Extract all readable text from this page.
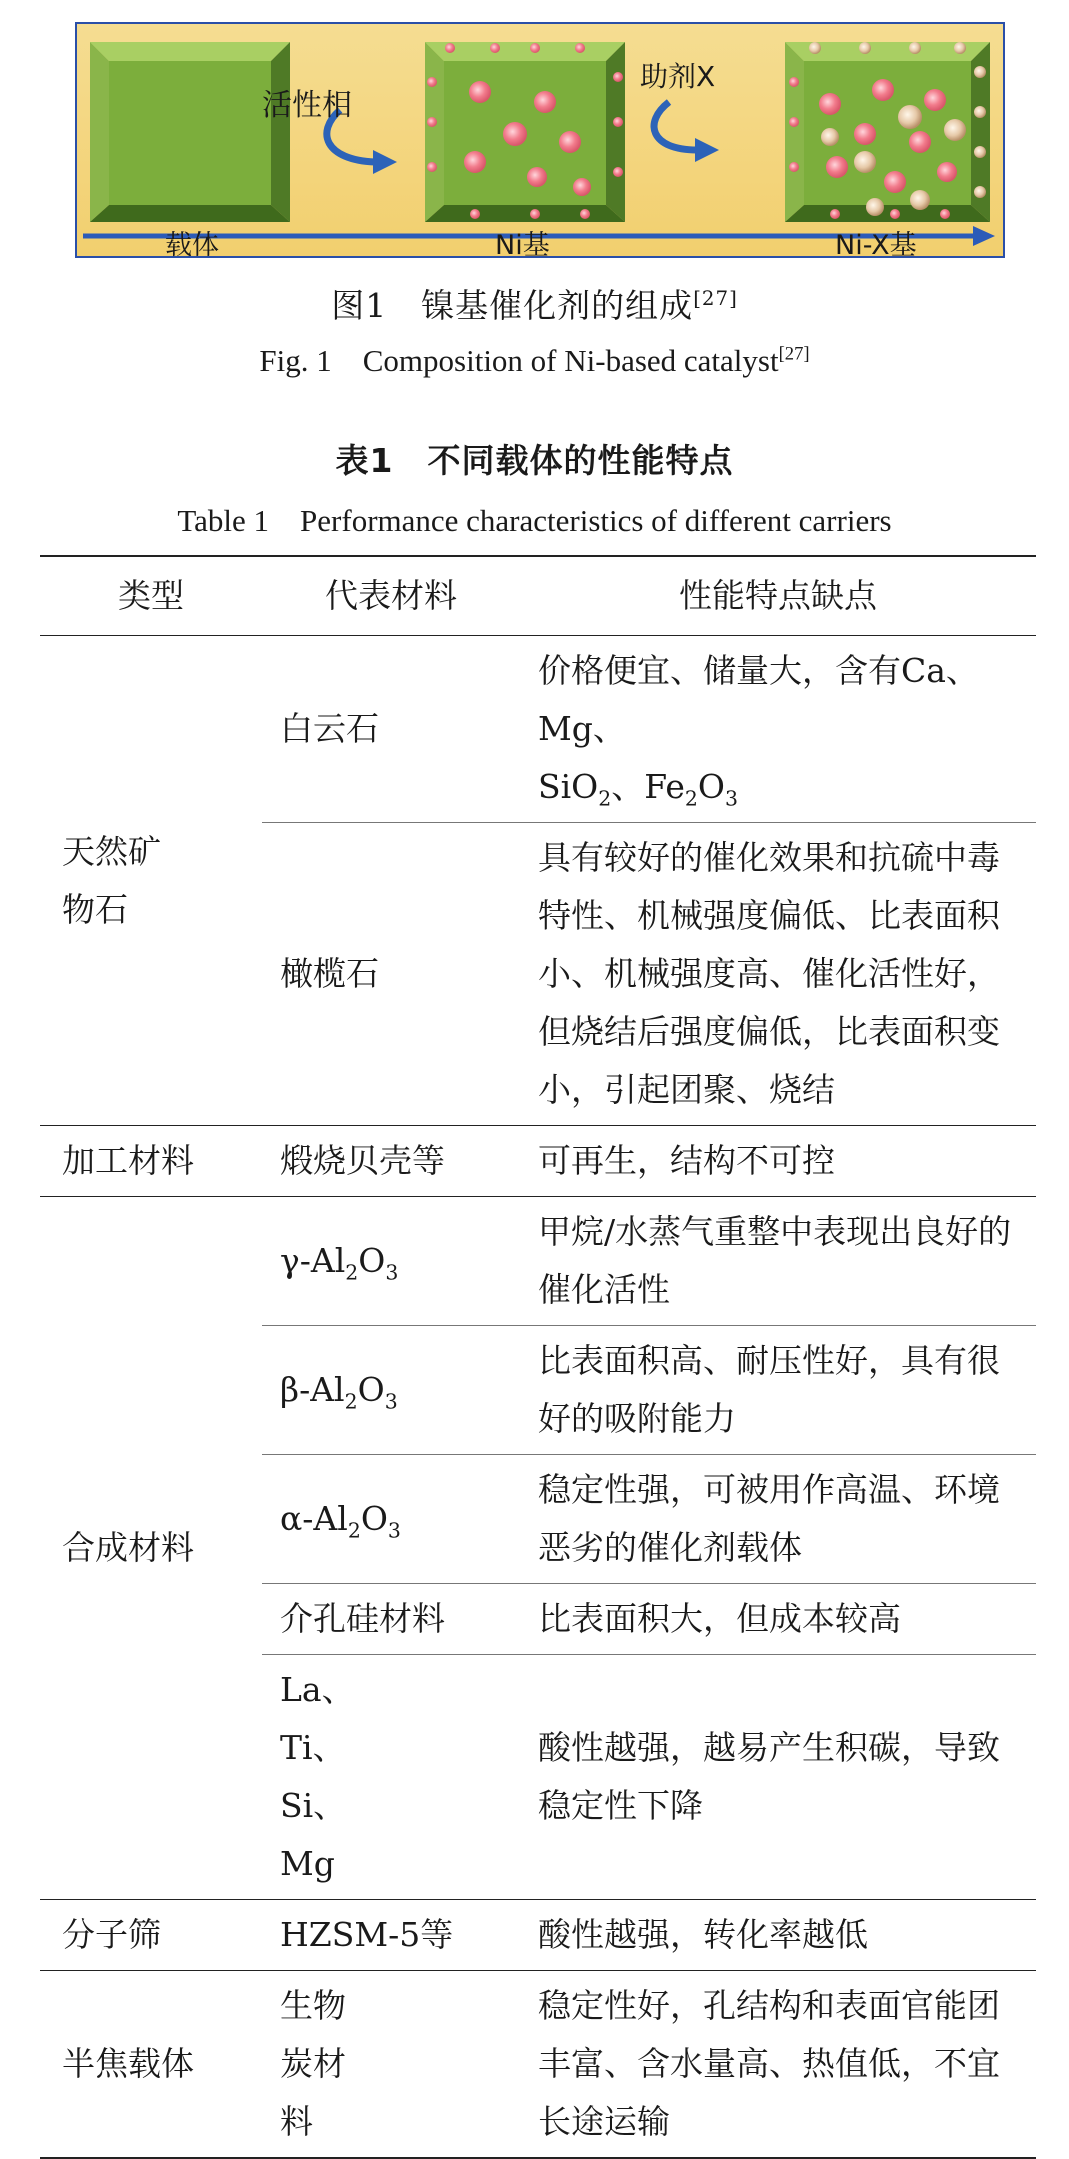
活性相
助剂X
载体	Ni基	Ni-X基
图1　镍基催化剂的组成[27]
Fig. 1　Composition of Ni-based catalyst[27]
表1　不同载体的性能特点
Table 1　Performance characteristics of different carriers
类型	代表材料	性能特点缺点
天然矿物石	白云石	价格便宜、储量大，含有Ca、Mg、
SiO$_2$、$Fe_2O_3$
	橄榄石	具有较好的催化效果和抗硫中毒特性、机械强度偏低、比表面积小、机械强度高、催化活性好，但烧结后强度偏低，比表面积变小，引起团聚、烧结
加工材料	煅烧贝壳等	可再生，结构不可控
合成材料	$\gamma-Al_2O_3$	甲烷/水蒸气重整中表现出良好的催化活性
	$\beta-Al_2O_3$	比表面积高、耐压性好，具有很好的吸附能力
	$\alpha-Al_2O_3$	稳定性强，可被用作高温、环境恶劣的催化剂载体
	介孔硅材料	比表面积大，但成本较高
	La、Ti、Si、Mg	酸性越强，越易产生积碳，导致稳定性下降
分子筛	HZSM-5等	酸性越强，转化率越低
半焦载体	生物炭材料	稳定性好，孔结构和表面官能团丰富、含水量高、热值低，不宜长途运输
